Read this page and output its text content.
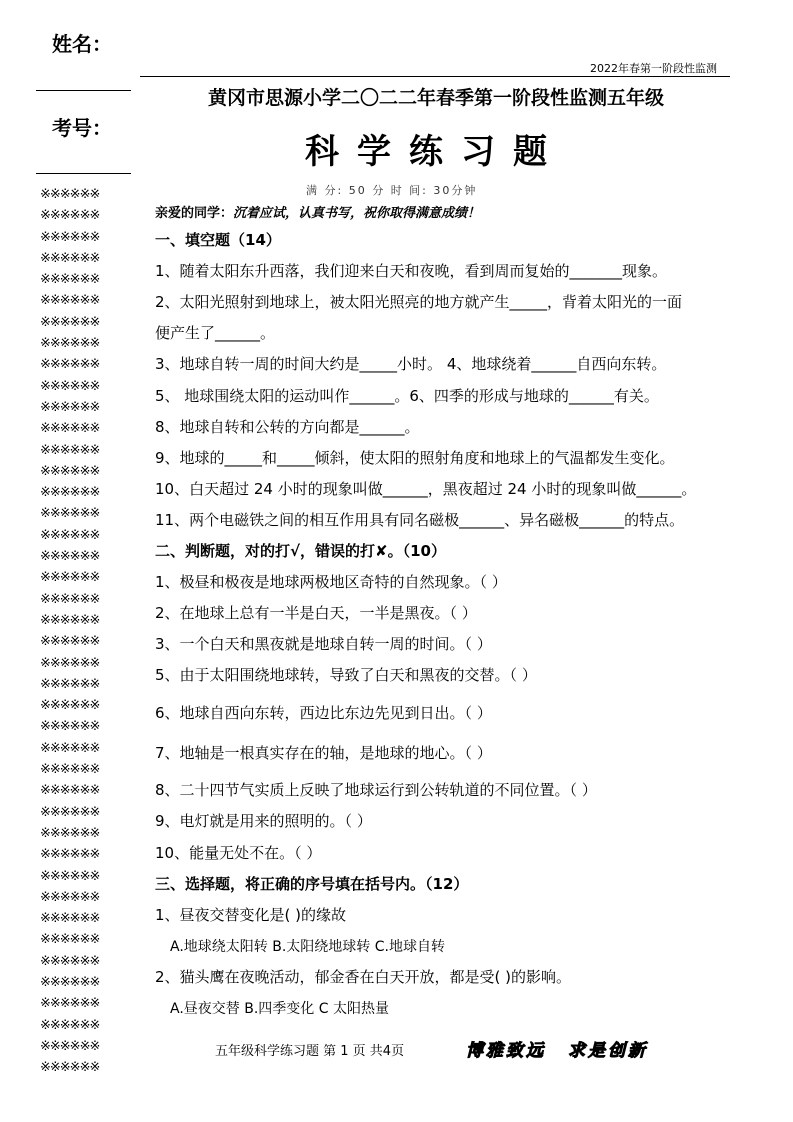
姓名：
考号：
※※※※※※
※※※※※※
※※※※※※
※※※※※※
※※※※※※
※※※※※※
※※※※※※
※※※※※※
※※※※※※
※※※※※※
※※※※※※
※※※※※※
※※※※※※
※※※※※※
※※※※※※
※※※※※※
※※※※※※
※※※※※※
※※※※※※
※※※※※※
※※※※※※
※※※※※※
※※※※※※
※※※※※※
※※※※※※
※※※※※※
※※※※※※
※※※※※※
※※※※※※
※※※※※※
※※※※※※
※※※※※※
※※※※※※
※※※※※※
※※※※※※
※※※※※※
※※※※※※
※※※※※※
※※※※※※
※※※※※※
※※※※※※
※※※※※※
2022年春第一阶段性监测
黄冈市思源小学二〇二二年春季第一阶段性监测五年级
科学练习题
满 分: 50 分 时 间: 30分钟
亲爱的同学：沉着应试，认真书写，祝你取得满意成绩！
一、填空题（14）
1、随着太阳东升西落，我们迎来白天和夜晚，看到周而复始的_______现象。
2、太阳光照射到地球上，被太阳光照亮的地方就产生_____，背着太阳光的一面
便产生了______。
3、地球自转一周的时间大约是_____小时。 4、地球绕着______自西向东转。
5、 地球围绕太阳的运动叫作______。6、四季的形成与地球的______有关。
8、地球自转和公转的方向都是______。
9、地球的_____和_____倾斜，使太阳的照射角度和地球上的气温都发生变化。
10、白天超过 24 小时的现象叫做______，黑夜超过 24 小时的现象叫做______。
11、两个电磁铁之间的相互作用具有同名磁极______、异名磁极______的特点。
二、判断题，对的打√，错误的打✘。（10）
1、极昼和极夜是地球两极地区奇特的自然现象。（ ）
2、在地球上总有一半是白天，一半是黑夜。（ ）
3、一个白天和黑夜就是地球自转一周的时间。（ ）
5、由于太阳围绕地球转，导致了白天和黑夜的交替。（ ）
6、地球自西向东转，西边比东边先见到日出。（ ）
7、地轴是一根真实存在的轴，是地球的地心。（ ）
8、二十四节气实质上反映了地球运行到公转轨道的不同位置。（ ）
9、电灯就是用来的照明的。（ ）
10、能量无处不在。（ ）
三、选择题，将正确的序号填在括号内。（12）
1、昼夜交替变化是( )的缘故
A.地球绕太阳转 B.太阳绕地球转 C.地球自转
2、猫头鹰在夜晚活动，郁金香在白天开放，都是受( )的影响。
A.昼夜交替 B.四季变化 C 太阳热量
五年级科学练习题 第 1 页 共4页	博雅致远 求是创新
